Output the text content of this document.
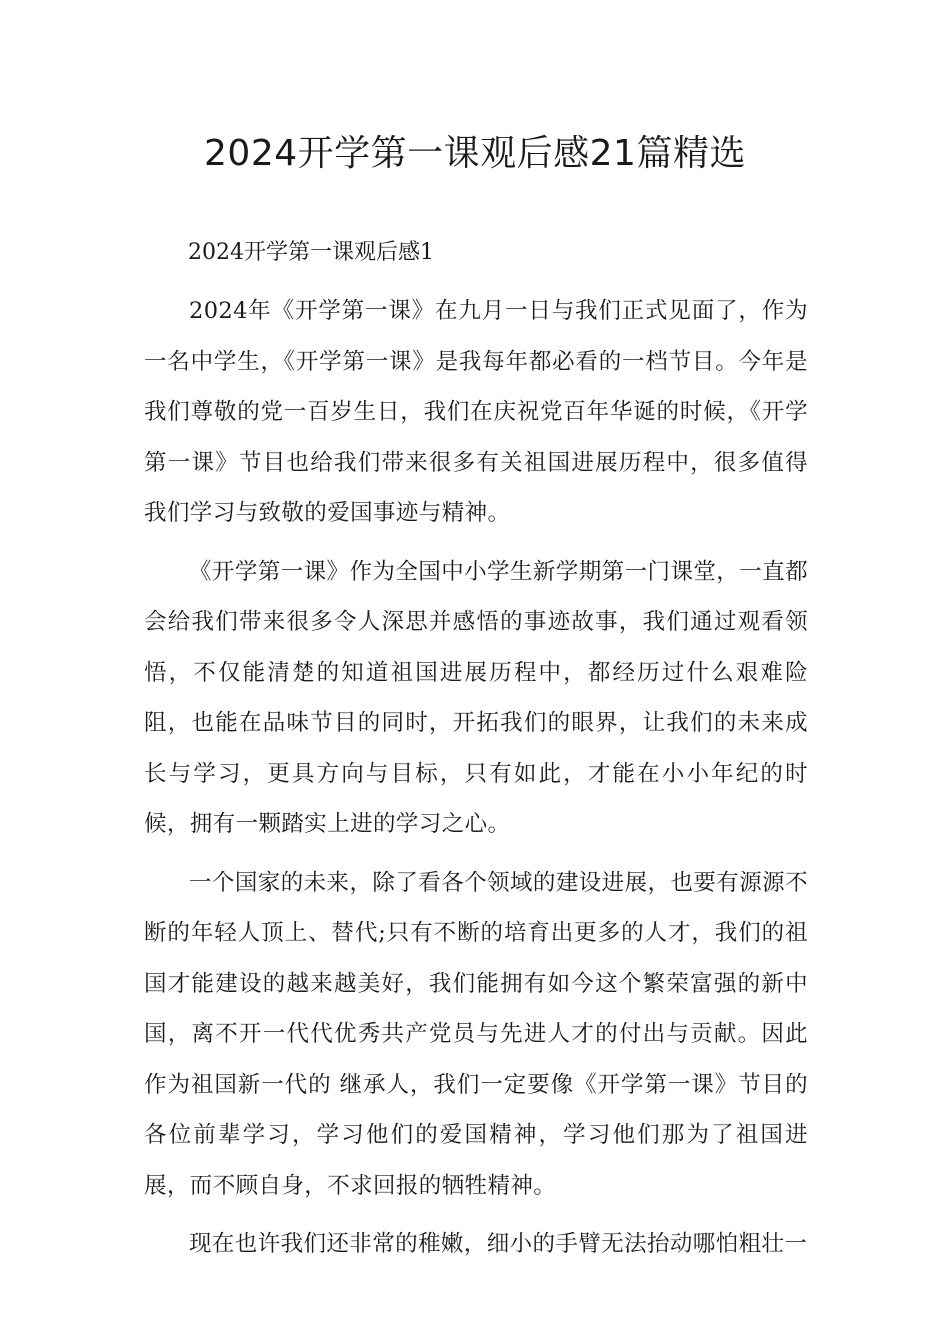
2024开学第一课观后感21篇精选
2024开学第一课观后感1

2024年《开学第一课》在九月一日与我们正式见面了，作为一名中学生，《开学第一课》是我每年都必看的一档节目。今年是我们尊敬的党一百岁生日，我们在庆祝党百年华诞的时候，《开学第一课》节目也给我们带来很多有关祖国进展历程中，很多值得我们学习与致敬的爱国事迹与精神。

《开学第一课》作为全国中小学生新学期第一门课堂，一直都会给我们带来很多令人深思并感悟的事迹故事，我们通过观看领悟，不仅能清楚的知道祖国进展历程中，都经历过什么艰难险阻，也能在品味节目的同时，开拓我们的眼界，让我们的未来成长与学习，更具方向与目标，只有如此，才能在小小年纪的时候，拥有一颗踏实上进的学习之心。

一个国家的未来，除了看各个领域的建设进展，也要有源源不断的年轻人顶上、替代;只有不断的培育出更多的人才，我们的祖国才能建设的越来越美好，我们能拥有如今这个繁荣富强的新中国，离不开一代代优秀共产党员与先进人才的付出与贡献。因此作为祖国新一代的 继承人，我们一定要像《开学第一课》节目的各位前辈学习，学习他们的爱国精神，学习他们那为了祖国进展，而不顾自身，不求回报的牺牲精神。

现在也许我们还非常的稚嫩，细小的手臂无法抬动哪怕粗壮一
